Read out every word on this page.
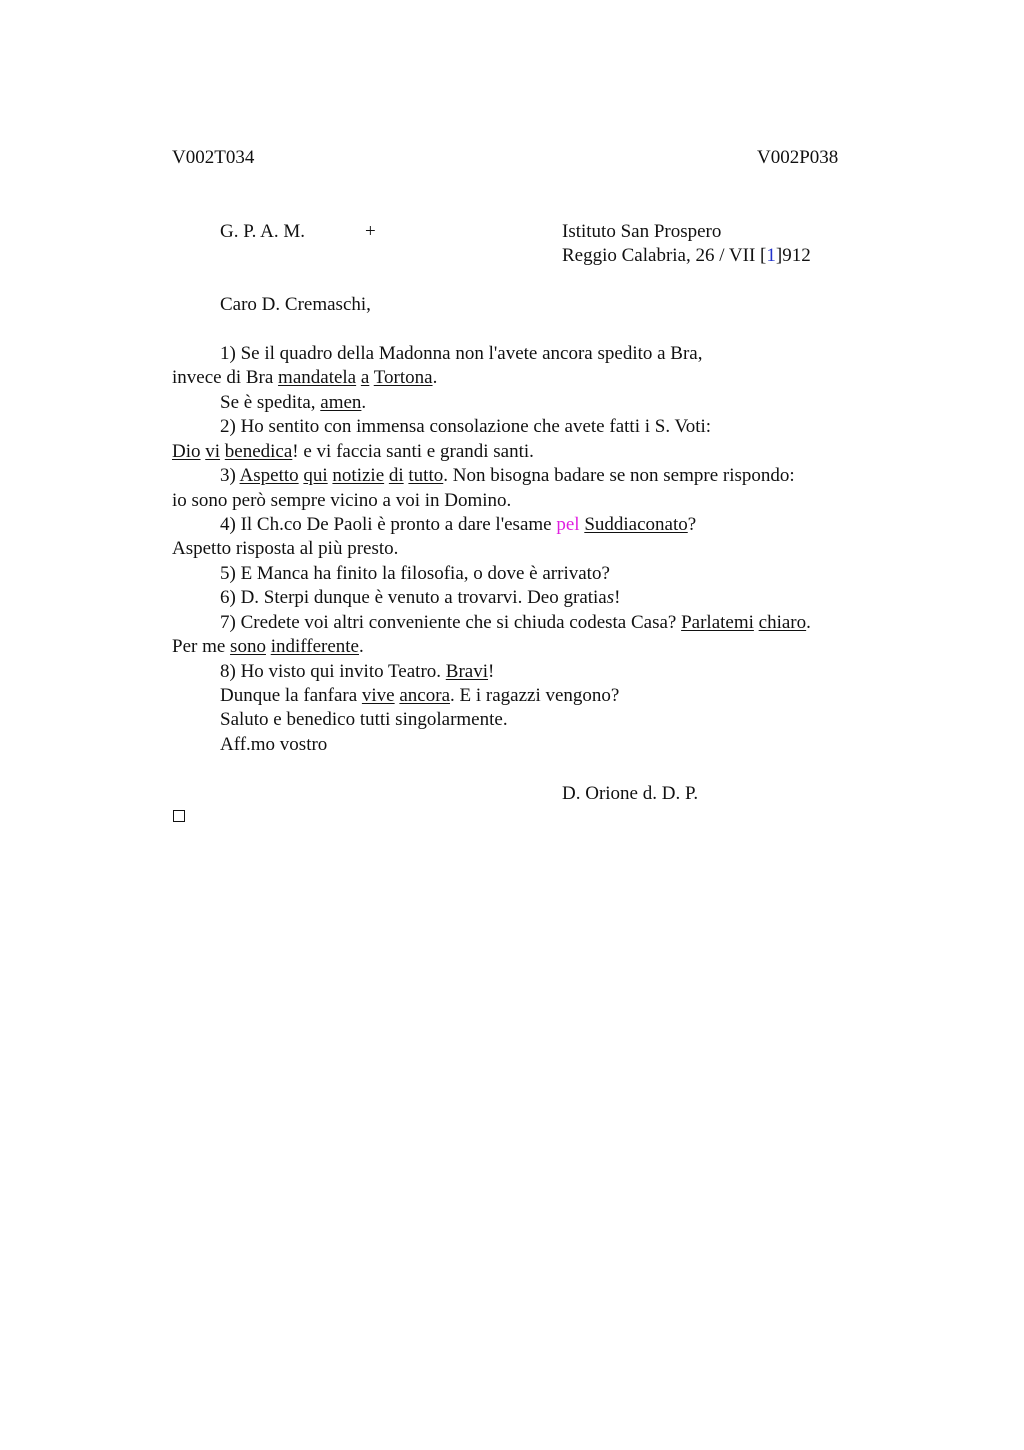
V002T034	V002P038
G. P. A. M.	+	Istituto San Prospero
Reggio Calabria, 26 / VII [1]912
Caro D. Cremaschi,
1) Se il quadro della Madonna non l'avete ancora spedito a Bra,
invece di Bra mandatela a Tortona.
Se è spedita, amen.
2) Ho sentito con immensa consolazione che avete fatti i S. Voti:
Dio vi benedica! e vi faccia santi e grandi santi.
3) Aspetto qui notizie di tutto. Non bisogna badare se non sempre rispondo:
io sono però sempre vicino a voi in Domino.
4) Il Ch.co De Paoli è pronto a dare l'esame pel Suddiaconato?
Aspetto risposta al più presto.
5) E Manca ha finito la filosofia, o dove è arrivato?
6) D. Sterpi dunque è venuto a trovarvi. Deo gratias!
7) Credete voi altri conveniente che si chiuda codesta Casa? Parlatemi chiaro.
Per me sono indifferente.
8) Ho visto qui invito Teatro. Bravi!
Dunque la fanfara vive ancora. E i ragazzi vengono?
Saluto e benedico tutti singolarmente.
Aff.mo vostro
D. Orione d. D. P.
